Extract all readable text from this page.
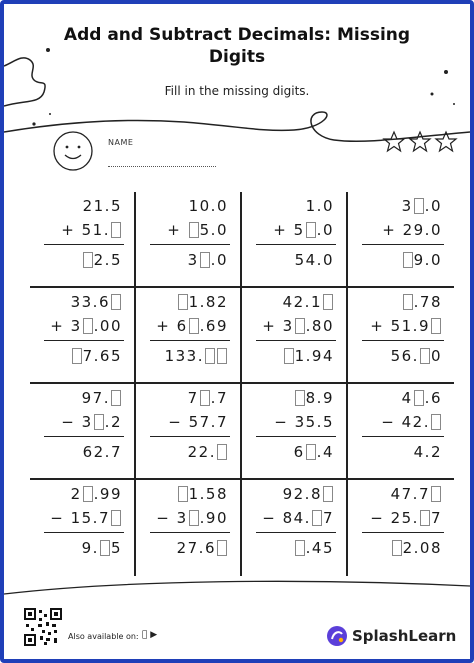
Add and Subtract Decimals: Missing
Digits
Fill in the missing digits.
NAME
21.5
+ 51.
2.5
10.0
+ 5.0
3 .0
1.0
+ 5 .0
54.0
3 .0
+ 29.0
9.0
33.6
+ 3 .00
7.65
1.82
+ 6 .69
133.
42.1
+ 3 .80
1.94
.78
+ 51.9
56. 0
97.
− 3 .2
62.7
7 .7
− 57.7
22.
8.9
− 35.5
6 .4
4 .6
− 42.
4.2
2 .99
− 15.7
9. 5
1.58
− 3 .90
27.6
92.8
− 84. 7
.45
47.7
− 25. 7
2.08
Also available on: ▶	SplashLearn
